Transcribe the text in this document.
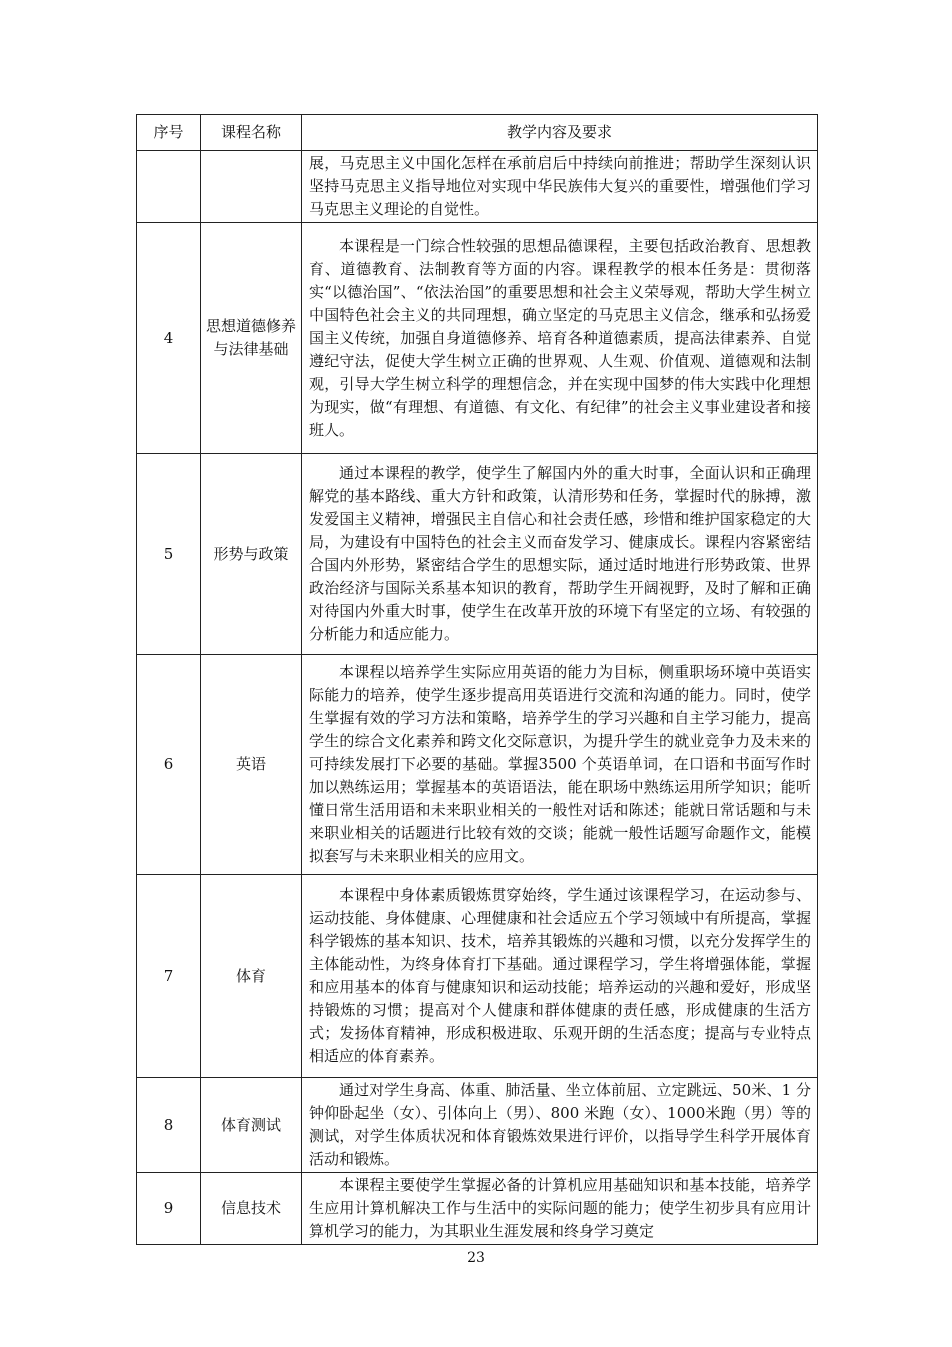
序号	课程名称	教学内容及要求

		展，马克思主义中国化怎样在承前启后中持续向前推进；帮助学生深刻认识坚持马克思主义指导地位对实现中华民族伟大复兴的重要性，增强他们学习马克思主义理论的自觉性。

4	思想道德修养与法律基础	本课程是一门综合性较强的思想品德课程，主要包括政治教育、思想教育、道德教育、法制教育等方面的内容。课程教学的根本任务是：贯彻落实“以德治国”、“依法治国”的重要思想和社会主义荣辱观，帮助大学生树立中国特色社会主义的共同理想，确立坚定的马克思主义信念，继承和弘扬爱国主义传统，加强自身道德修养、培育各种道德素质，提高法律素养、自觉遵纪守法，促使大学生树立正确的世界观、人生观、价值观、道德观和法制观，引导大学生树立科学的理想信念，并在实现中国梦的伟大实践中化理想为现实，做“有理想、有道德、有文化、有纪律”的社会主义事业建设者和接班人。

5	形势与政策	通过本课程的教学，使学生了解国内外的重大时事，全面认识和正确理解党的基本路线、重大方针和政策，认清形势和任务，掌握时代的脉搏，激发爱国主义精神，增强民主自信心和社会责任感，珍惜和维护国家稳定的大局，为建设有中国特色的社会主义而奋发学习、健康成长。课程内容紧密结合国内外形势，紧密结合学生的思想实际，通过适时地进行形势政策、世界政治经济与国际关系基本知识的教育，帮助学生开阔视野，及时了解和正确对待国内外重大时事，使学生在改革开放的环境下有坚定的立场、有较强的分析能力和适应能力。

6	英语	本课程以培养学生实际应用英语的能力为目标，侧重职场环境中英语实际能力的培养，使学生逐步提高用英语进行交流和沟通的能力。同时，使学生掌握有效的学习方法和策略，培养学生的学习兴趣和自主学习能力，提高学生的综合文化素养和跨文化交际意识，为提升学生的就业竞争力及未来的可持续发展打下必要的基础。掌握3500 个英语单词，在口语和书面写作时加以熟练运用；掌握基本的英语语法，能在职场中熟练运用所学知识；能听懂日常生活用语和未来职业相关的一般性对话和陈述；能就日常话题和与未来职业相关的话题进行比较有效的交谈；能就一般性话题写命题作文，能模拟套写与未来职业相关的应用文。

7	体育	本课程中身体素质锻炼贯穿始终，学生通过该课程学习，在运动参与、运动技能、身体健康、心理健康和社会适应五个学习领域中有所提高，掌握科学锻炼的基本知识、技术，培养其锻炼的兴趣和习惯，以充分发挥学生的主体能动性，为终身体育打下基础。通过课程学习，学生将增强体能，掌握和应用基本的体育与健康知识和运动技能；培养运动的兴趣和爱好，形成坚持锻炼的习惯；提高对个人健康和群体健康的责任感，形成健康的生活方式；发扬体育精神，形成积极进取、乐观开朗的生活态度；提高与专业特点相适应的体育素养。

8	体育测试	通过对学生身高、体重、肺活量、坐立体前屈、立定跳远、50米、1 分钟仰卧起坐（女）、引体向上（男）、800 米跑（女）、1000米跑（男）等的测试，对学生体质状况和体育锻炼效果进行评价，以指导学生科学开展体育活动和锻炼。

9	信息技术	本课程主要使学生掌握必备的计算机应用基础知识和基本技能，培养学生应用计算机解决工作与生活中的实际问题的能力；使学生初步具有应用计算机学习的能力，为其职业生涯发展和终身学习奠定

23
